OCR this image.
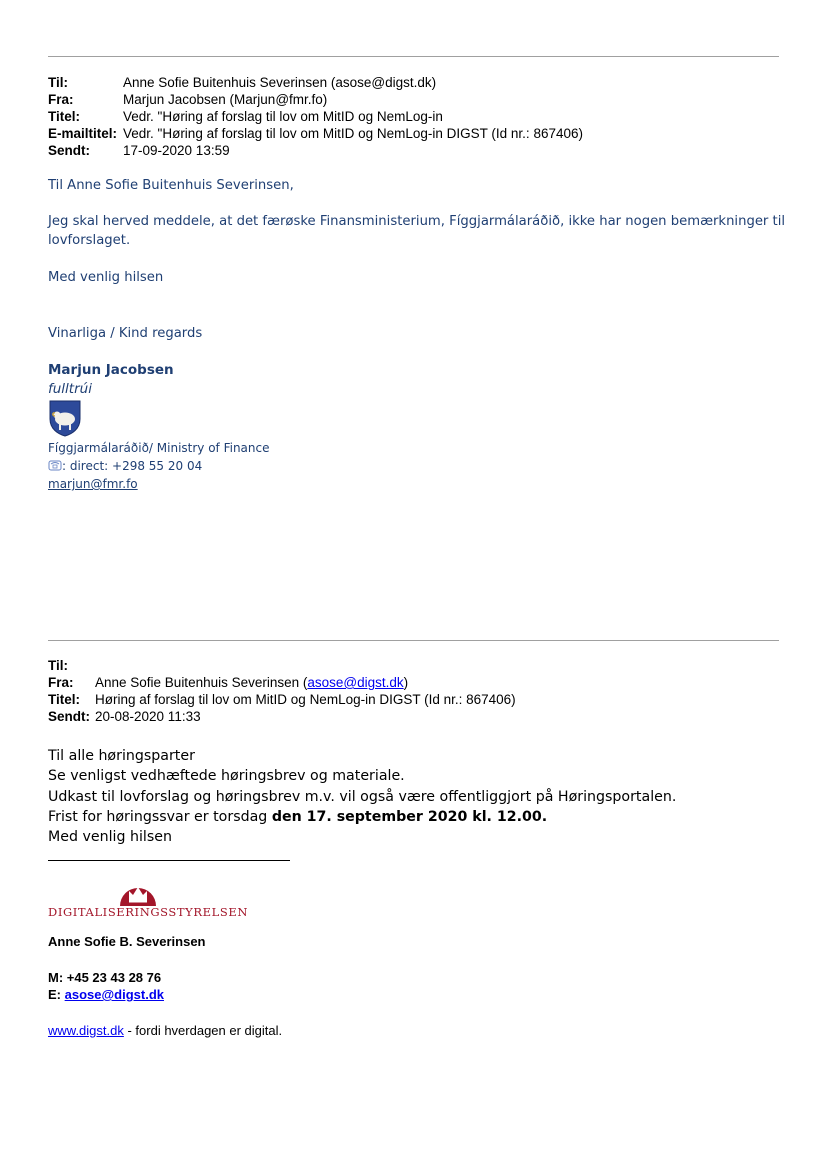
Til:	Anne Sofie Buitenhuis Severinsen (asose@digst.dk)
Fra:	Marjun Jacobsen (Marjun@fmr.fo)
Titel:	Vedr. "Høring af forslag til lov om MitID og NemLog-in
E-mailtitel: Vedr. "Høring af forslag til lov om MitID og NemLog-in DIGST (Id nr.: 867406)
Sendt: 17-09-2020 13:59
Til Anne Sofie Buitenhuis Severinsen,
Jeg skal herved meddele, at det færøske Finansministerium, Fíggjarmálaráðið, ikke har nogen bemærkninger til
lovforslaget.
Med venlig hilsen
Vinarliga / Kind regards
Marjun Jacobsen
fulltrúi
Fíggjarmálaráðið/ Ministry of Finance
: direct: +298 55 20 04
marjun@fmr.fo
Til:
Fra: Anne Sofie Buitenhuis Severinsen (asose@digst.dk)
Titel: Høring af forslag til lov om MitID og NemLog-in DIGST (Id nr.: 867406)
Sendt: 20-08-2020 11:33
Til alle høringsparter
Se venligst vedhæftede høringsbrev og materiale.
Udkast til lovforslag og høringsbrev m.v. vil også være offentliggjort på Høringsportalen.
Frist for høringssvar er torsdag den 17. september 2020 kl. 12.00.
Med venlig hilsen
DIGITALISERINGSSTYRELSEN
Anne Sofie B. Severinsen
M: +45 23 43 28 76
E: asose@digst.dk
www.digst.dk - fordi hverdagen er digital.
